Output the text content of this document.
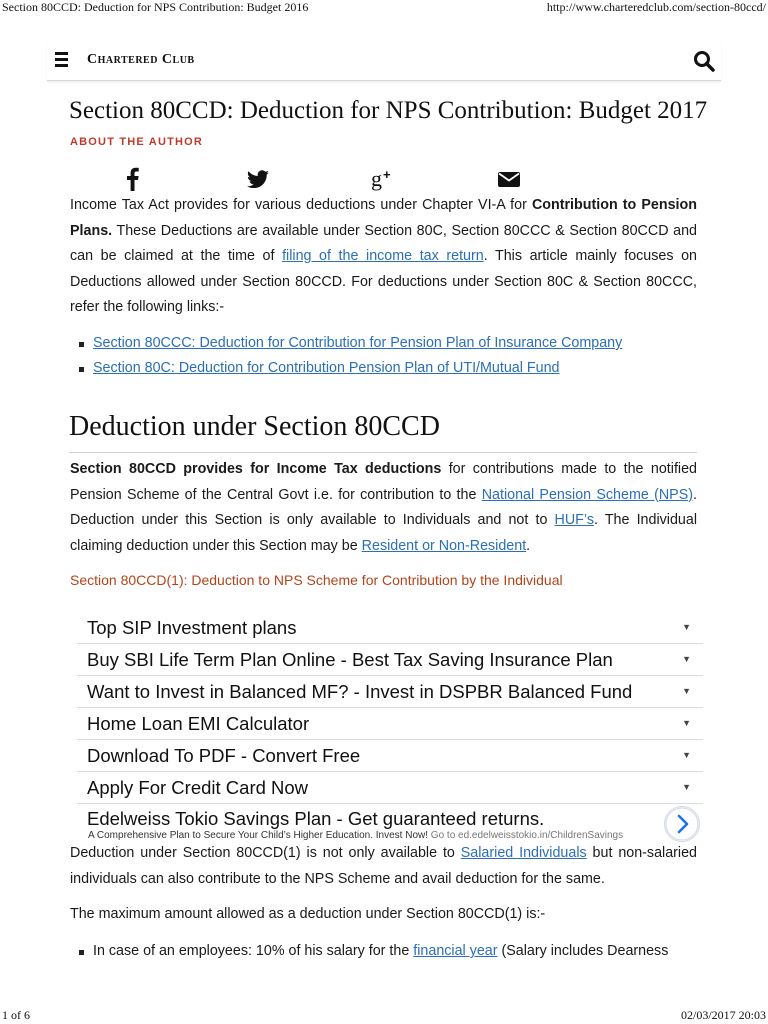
Section 80CCD: Deduction for NPS Contribution: Budget 2016	http://www.charteredclub.com/section-80ccd/
Chartered Club
Section 80CCD: Deduction for NPS Contribution: Budget 2017
ABOUT THE AUTHOR
g +

Income Tax Act provides for various deductions under Chapter VI-A for Contribution to Pension Plans. These Deductions are available under Section 80C, Section 80CCC & Section 80CCD and can be claimed at the time of filing of the income tax return. This article mainly focuses on Deductions allowed under Section 80CCD. For deductions under Section 80C & Section 80CCC, refer the following links:-

Section 80CCC: Deduction for Contribution for Pension Plan of Insurance Company
Section 80C: Deduction for Contribution Pension Plan of UTI/Mutual Fund
Deduction under Section 80CCD

Section 80CCD provides for Income Tax deductions for contributions made to the notified Pension Scheme of the Central Govt i.e. for contribution to the National Pension Scheme (NPS). Deduction under this Section is only available to Individuals and not to HUF’s. The Individual claiming deduction under this Section may be Resident or Non-Resident.

Section 80CCD(1): Deduction to NPS Scheme for Contribution by the Individual
Top SIP Investment plans	▼
Buy SBI Life Term Plan Online - Best Tax Saving Insurance Plan	▼
Want to Invest in Balanced MF? - Invest in DSPBR Balanced Fund	▼
Home Loan EMI Calculator	▼
Download To PDF - Convert Free	▼
Apply For Credit Card Now	▼
Edelweiss Tokio Savings Plan - Get guaranteed returns.
A Comprehensive Plan to Secure Your Child’s Higher Education. Invest Now! Go to ed.edelweisstokio.in/ChildrenSavings

Deduction under Section 80CCD(1) is not only available to Salaried Individuals but non-salaried individuals can also contribute to the NPS Scheme and avail deduction for the same.

The maximum amount allowed as a deduction under Section 80CCD(1) is:-

In case of an employees: 10% of his salary for the financial year (Salary includes Dearness
1 of 6	02/03/2017 20:03
